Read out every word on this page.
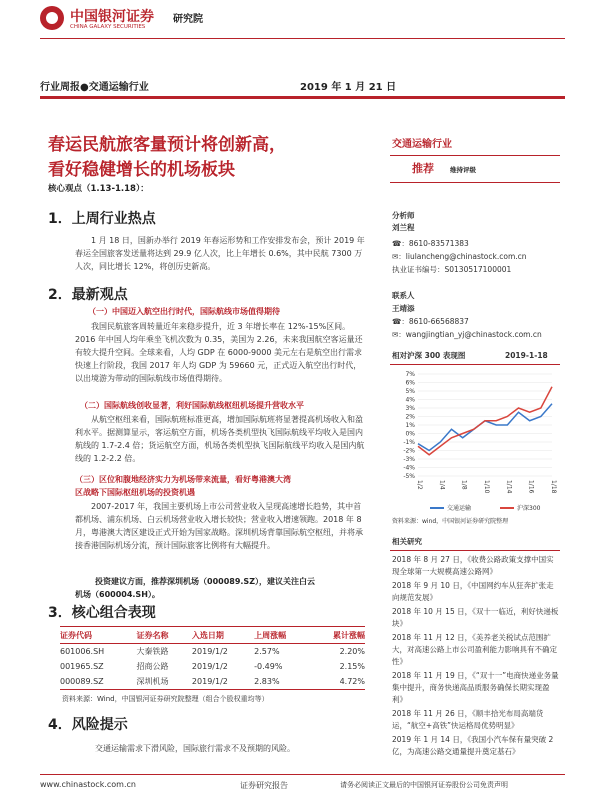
中国银河证券
CHINA GALAXY SECURITIES
研究院
行业周报●交通运输行业	2019 年 1 月 21 日
春运民航旅客量预计将创新高，
看好稳健增长的机场板块
核心观点（1.13-1.18）：
1．上周行业热点
1 月 18 日，国新办举行 2019 年春运形势和工作安排发布会，预计 2019 年春运全国旅客发送量将达到 29.9 亿人次，比上年增长 0.6%，其中民航 7300 万人次，同比增长 12%，将创历史新高。
2．最新观点
（一）中国迈入航空出行时代，国际航线市场值得期待
我国民航旅客周转量近年来稳步提升，近 3 年增长率在 12%-15%区间。2016 年中国人均年乘坐飞机次数为 0.35，美国为 2.26，未来我国航空客运量还有较大提升空间。全球来看，人均 GDP 在 6000-9000 美元左右是航空出行需求快速上行阶段，我国 2017 年人均 GDP 为 59660 元，正式迈入航空出行时代，以出境游为带动的国际航线市场值得期待。
（二）国际航线创收显著，利好国际航线枢纽机场提升营收水平
从航空枢纽来看，国际航班标准更高，增加国际航班将显著提高机场收入和盈利水平。据测算显示，客运航空方面，机场各类机型执飞国际航线平均收入是国内航线的 1.7-2.4 倍；货运航空方面，机场各类机型执飞国际航线平均收入是国内航线的 1.2-2.2 倍。
（三）区位和腹地经济实力为机场带来流量，看好粤港澳大湾
区战略下国际枢纽机场的投资机遇
2007-2017 年，我国主要机场上市公司营业收入呈现高速增长趋势，其中首都机场、浦东机场、白云机场营业收入增长较快；营业收入增速领跑。2018 年 8 月，粤港澳大湾区建设正式开始为国家战略。深圳机场背靠国际航空枢纽，并将承接香港国际机场分流，预计国际旅客比例将有大幅提升。
投资建议方面，推荐深圳机场（000089.SZ），建议关注白云
机场（600004.SH）。
3．核心组合表现
证券代码	证券名称	入选日期	上周涨幅	累计涨幅
601006.SH	大秦铁路	2019/1/2	2.57%	2.20%
001965.SZ	招商公路	2019/1/2	-0.49%	2.15%
000089.SZ	深圳机场	2019/1/2	2.83%	4.72%
资料来源：Wind，中国银河证券研究院整理（组合个股权重均等）
4．风险提示
交通运输需求下滑风险，国际旅行需求不及预期的风险。
交通运输行业
推荐 维持评级
分析师
刘兰程
☎：8610-83571383
✉：liulancheng@chinastock.com.cn
执业证书编号：S0130517100001
联系人
王靖添
☎：8610-66568837
✉：wangjingtian_yj@chinastock.com.cn
相对沪深 300 表现图	2019-1-18
7%
6%
5%
4%
3%
2%
1%
0%
-1%
-2%
-3%
-4%
-5%
1/2	1/4	1/8	1/10	1/14	1/16	1/18
交通运输	沪深300
资料来源：wind，中国银河证券研究院整理
相关研究
2018 年 8 月 27 日，《收费公路政策支撑中国实现全球第一大规模高速公路网》
2018 年 9 月 10 日，《中国网约车从狂奔扩张走向规范发展》
2018 年 10 月 15 日，《双十一临近，利好快递板块》
2018 年 11 月 12 日，《美养老关税试点范围扩大，对高速公路上市公司盈利能力影响具有不确定性》
2018 年 11 月 19 日，《“双十一”电商快递业务量集中提升，商务快递高品质服务确保长期实现盈利》
2018 年 11 月 26 日，《顺丰拾光布局高端货运，“航空+高铁”快运格局优势明显》
2019 年 1 月 14 日，《我国小汽车保有量突破 2 亿，为高速公路交通量提升奠定基石》
www.chinastock.com.cn	证券研究报告	请务必阅读正文最后的中国银河证券股份公司免责声明
